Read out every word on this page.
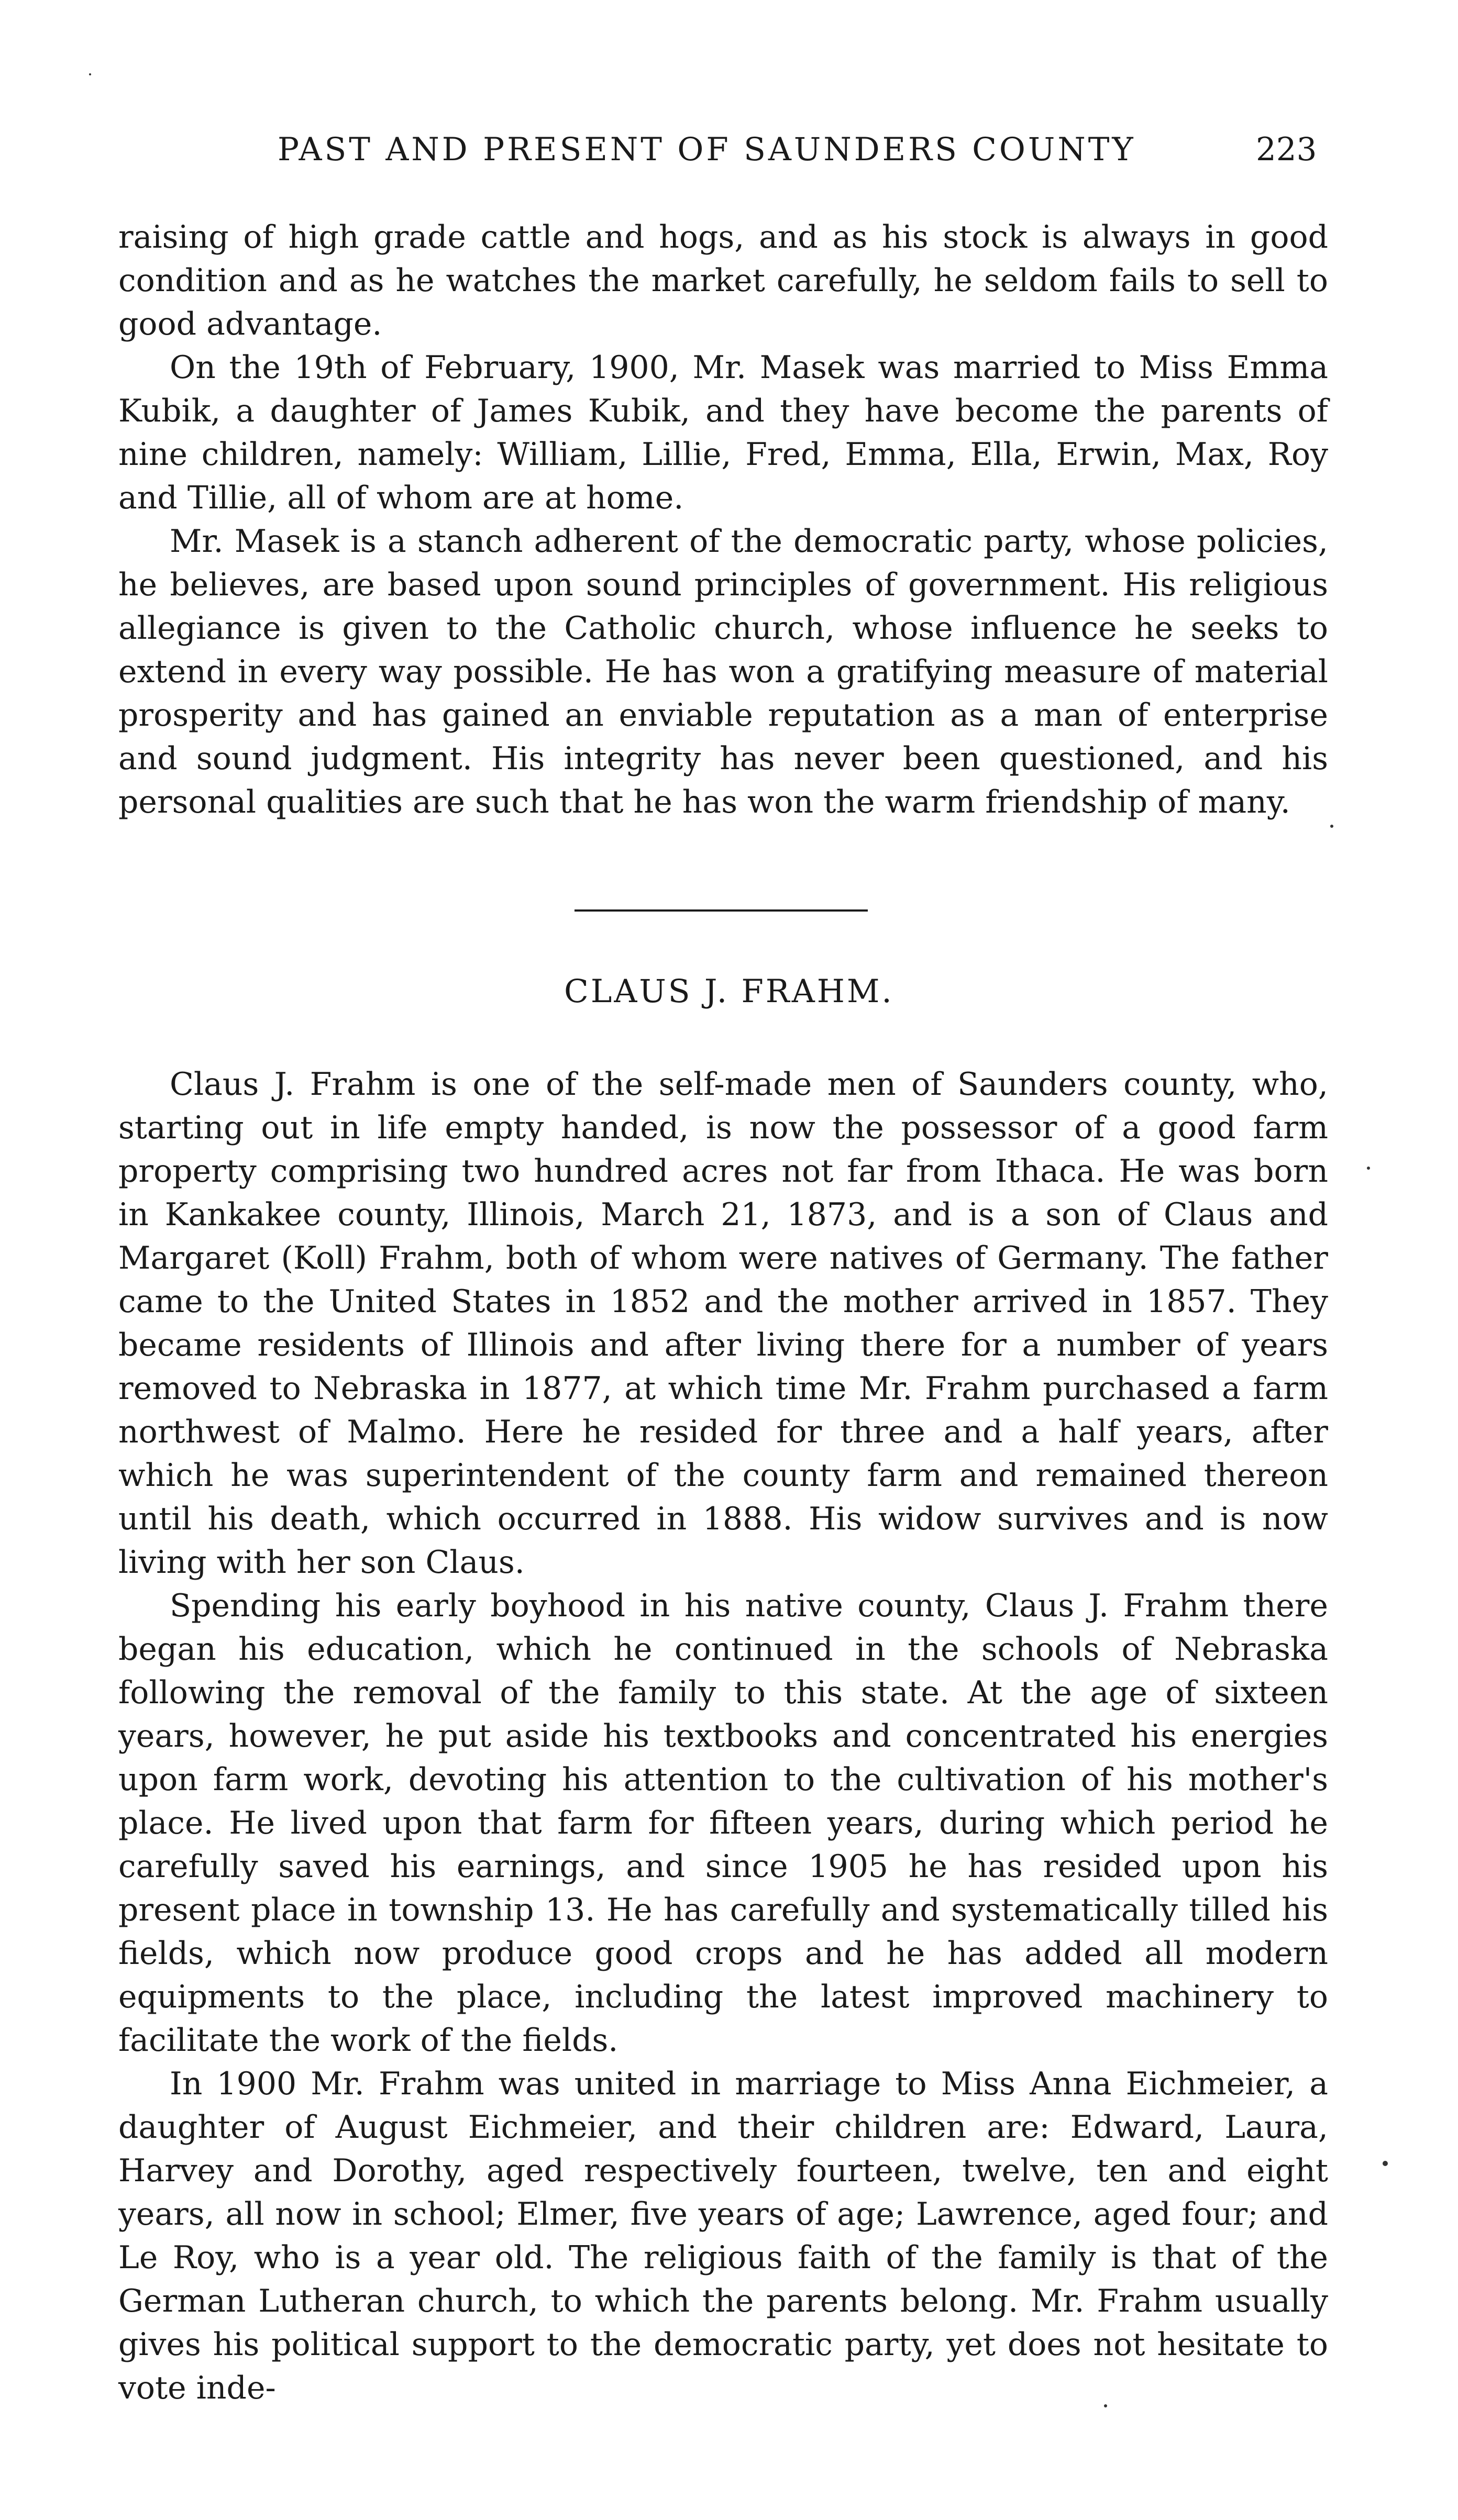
PAST AND PRESENT OF SAUNDERS COUNTY	223

raising of high grade cattle and hogs, and as his stock is always in good condition and as he watches the market carefully, he seldom fails to sell to good advantage.

On the 19th of February, 1900, Mr. Masek was married to Miss Emma Kubik, a daughter of James Kubik, and they have become the parents of nine children, namely: William, Lillie, Fred, Emma, Ella, Erwin, Max, Roy and Tillie, all of whom are at home.

Mr. Masek is a stanch adherent of the democratic party, whose policies, he believes, are based upon sound principles of government. His religious allegiance is given to the Catholic church, whose influence he seeks to extend in every way possible. He has won a gratifying measure of material prosperity and has gained an enviable reputation as a man of enterprise and sound judgment. His integrity has never been questioned, and his personal qualities are such that he has won the warm friendship of many.

CLAUS J. FRAHM.

Claus J. Frahm is one of the self-made men of Saunders county, who, starting out in life empty handed, is now the possessor of a good farm property comprising two hundred acres not far from Ithaca. He was born in Kankakee county, Illinois, March 21, 1873, and is a son of Claus and Margaret (Koll) Frahm, both of whom were natives of Germany. The father came to the United States in 1852 and the mother arrived in 1857. They became residents of Illinois and after living there for a number of years removed to Nebraska in 1877, at which time Mr. Frahm purchased a farm northwest of Malmo. Here he resided for three and a half years, after which he was superintendent of the county farm and remained thereon until his death, which occurred in 1888. His widow survives and is now living with her son Claus.

Spending his early boyhood in his native county, Claus J. Frahm there began his education, which he continued in the schools of Nebraska following the removal of the family to this state. At the age of sixteen years, however, he put aside his textbooks and concentrated his energies upon farm work, devoting his attention to the cultivation of his mother's place. He lived upon that farm for fifteen years, during which period he carefully saved his earnings, and since 1905 he has resided upon his present place in township 13. He has carefully and systematically tilled his fields, which now produce good crops and he has added all modern equipments to the place, including the latest improved machinery to facilitate the work of the fields.

In 1900 Mr. Frahm was united in marriage to Miss Anna Eichmeier, a daughter of August Eichmeier, and their children are: Edward, Laura, Harvey and Dorothy, aged respectively fourteen, twelve, ten and eight years, all now in school; Elmer, five years of age; Lawrence, aged four; and Le Roy, who is a year old. The religious faith of the family is that of the German Lutheran church, to which the parents belong. Mr. Frahm usually gives his political support to the democratic party, yet does not hesitate to vote inde-
